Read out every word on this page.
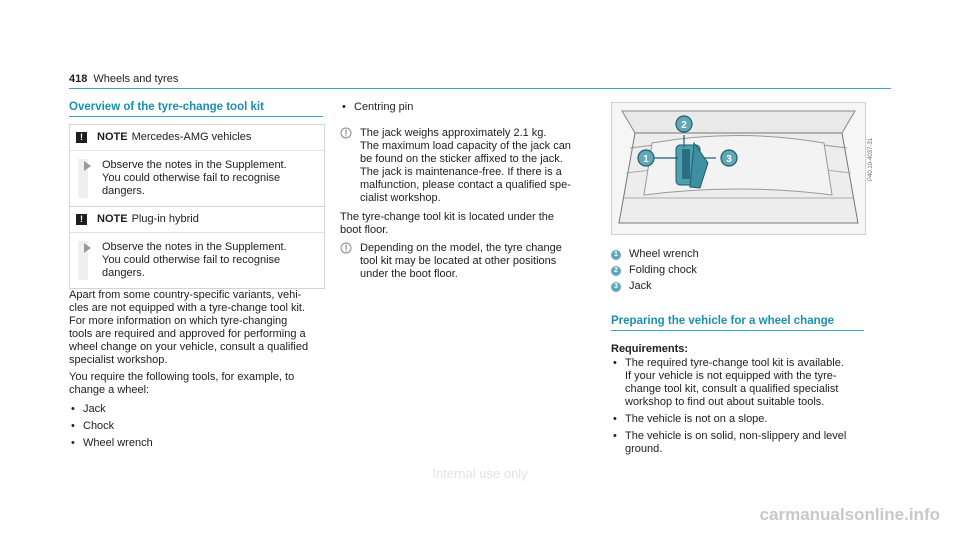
418 Wheels and tyres
Overview of the tyre-change tool kit
!	NOTE Mercedes-AMG vehicles
Observe the notes in the Supplement.
You could otherwise fail to recognise
dangers.
!	NOTE Plug-in hybrid
Observe the notes in the Supplement.
You could otherwise fail to recognise
dangers.
Apart from some country-specific variants, vehi-
cles are not equipped with a tyre-change tool kit.
For more information on which tyre-changing
tools are required and approved for performing a
wheel change on your vehicle, consult a qualified
specialist workshop.
You require the following tools, for example, to
change a wheel:
• Jack
• Chock
• Wheel wrench
• Centring pin
The jack weighs approximately 2.1 kg.
The maximum load capacity of the jack can
be found on the sticker affixed to the jack.
The jack is maintenance-free. If there is a
malfunction, please contact a qualified spe-
cialist workshop.
The tyre-change tool kit is located under the
boot floor.
Depending on the model, the tyre change
tool kit may be located at other positions
under the boot floor.
1
2
3	P40.10-4037-31
1 Wheel wrench
2 Folding chock
3 Jack
Preparing the vehicle for a wheel change
Requirements:
• The required tyre-change tool kit is available.
If your vehicle is not equipped with the tyre-
change tool kit, consult a qualified specialist
workshop to find out about suitable tools.
• The vehicle is not on a slope.
• The vehicle is on solid, non-slippery and level
ground.
Internal use only
carmanualsonline.info
